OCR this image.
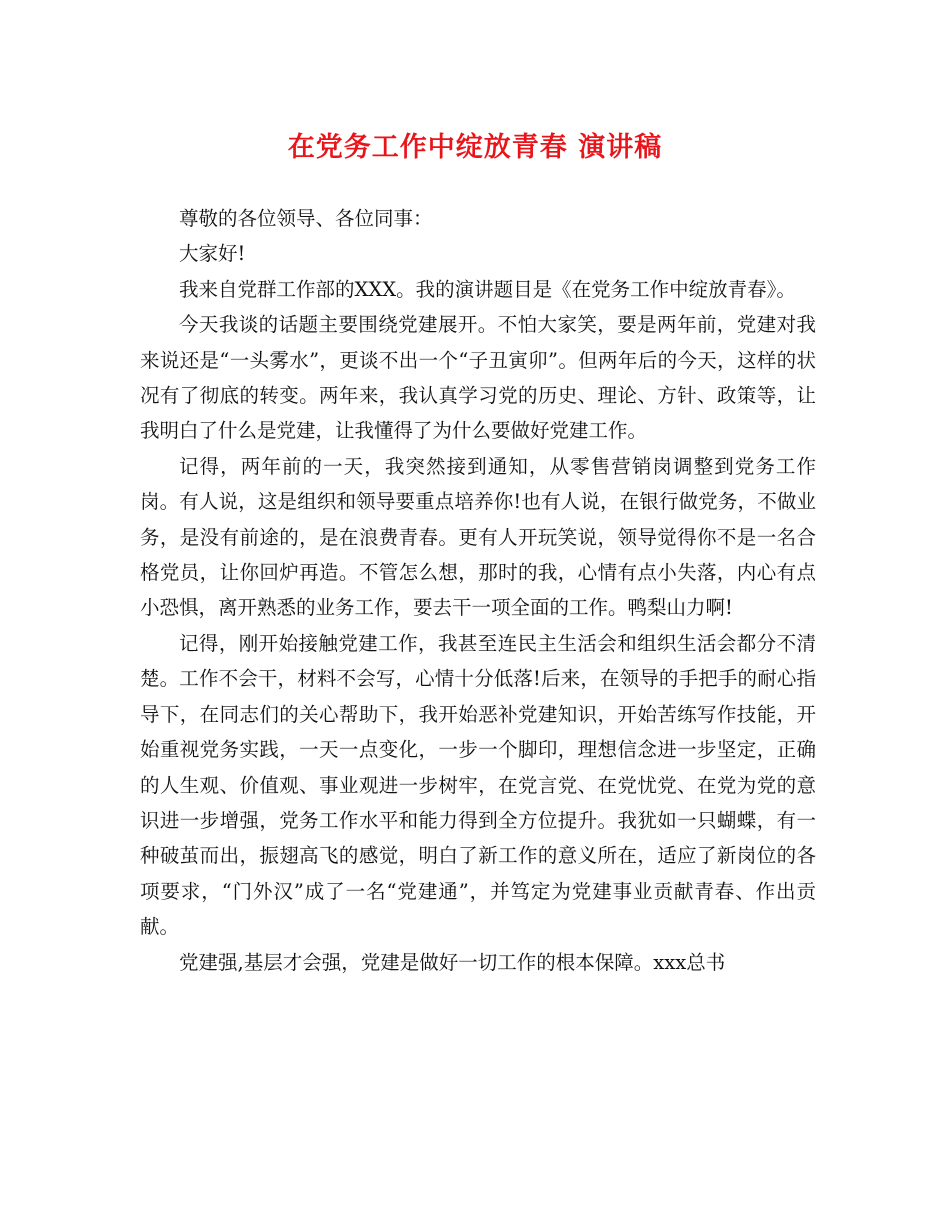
在党务工作中绽放青春 演讲稿

尊敬的各位领导、各位同事：

大家好!

我来自党群工作部的XXX。我的演讲题目是《在党务工作中绽放青春》。

今天我谈的话题主要围绕党建展开。不怕大家笑，要是两年前，党建对我来说还是“一头雾水”，更谈不出一个“子丑寅卯”。但两年后的今天，这样的状况有了彻底的转变。两年来，我认真学习党的历史、理论、方针、政策等，让我明白了什么是党建，让我懂得了为什么要做好党建工作。

记得，两年前的一天，我突然接到通知，从零售营销岗调整到党务工作岗。有人说，这是组织和领导要重点培养你!也有人说，在银行做党务，不做业务，是没有前途的，是在浪费青春。更有人开玩笑说，领导觉得你不是一名合格党员，让你回炉再造。不管怎么想，那时的我，心情有点小失落，内心有点小恐惧，离开熟悉的业务工作，要去干一项全面的工作。鸭梨山力啊!

记得，刚开始接触党建工作，我甚至连民主生活会和组织生活会都分不清楚。工作不会干，材料不会写，心情十分低落!后来，在领导的手把手的耐心指导下，在同志们的关心帮助下，我开始恶补党建知识，开始苦练写作技能，开始重视党务实践，一天一点变化，一步一个脚印，理想信念进一步坚定，正确的人生观、价值观、事业观进一步树牢，在党言党、在党忧党、在党为党的意识进一步增强，党务工作水平和能力得到全方位提升。我犹如一只蝴蝶，有一种破茧而出，振翅高飞的感觉，明白了新工作的意义所在，适应了新岗位的各项要求，“门外汉”成了一名“党建通”，并笃定为党建事业贡献青春、作出贡献。

党建强,基层才会强，党建是做好一切工作的根本保障。xxx总书
